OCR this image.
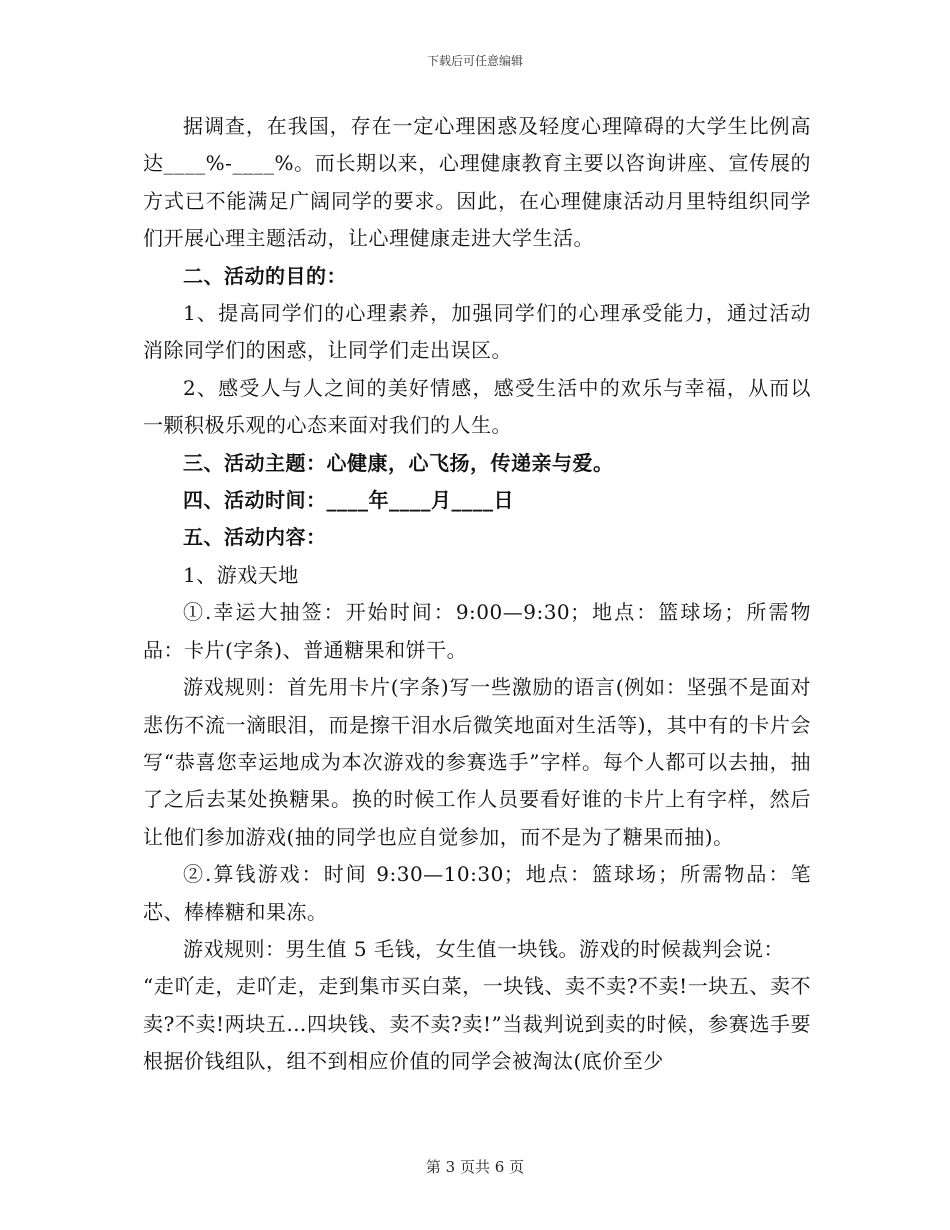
下载后可任意编辑

据调查，在我国，存在一定心理困惑及轻度心理障碍的大学生比例高达____%-____%。而长期以来，心理健康教育主要以咨询讲座、宣传展的方式已不能满足广阔同学的要求。因此，在心理健康活动月里特组织同学们开展心理主题活动，让心理健康走进大学生活。

二、活动的目的：

1、提高同学们的心理素养，加强同学们的心理承受能力，通过活动消除同学们的困惑，让同学们走出误区。

2、感受人与人之间的美好情感，感受生活中的欢乐与幸福，从而以一颗积极乐观的心态来面对我们的人生。

三、活动主题：心健康，心飞扬，传递亲与爱。

四、活动时间：____年____月____日

五、活动内容：

1、游戏天地

①.幸运大抽签：开始时间：9:00—9:30；地点：篮球场；所需物品：卡片(字条)、普通糖果和饼干。

游戏规则：首先用卡片(字条)写一些激励的语言(例如：坚强不是面对悲伤不流一滴眼泪，而是擦干泪水后微笑地面对生活等)，其中有的卡片会写“恭喜您幸运地成为本次游戏的参赛选手”字样。每个人都可以去抽，抽了之后去某处换糖果。换的时候工作人员要看好谁的卡片上有字样，然后让他们参加游戏(抽的同学也应自觉参加，而不是为了糖果而抽)。

②.算钱游戏：时间 9:30—10:30；地点：篮球场；所需物品：笔芯、棒棒糖和果冻。

游戏规则：男生值 5 毛钱，女生值一块钱。游戏的时候裁判会说：

“走吖走，走吖走，走到集市买白菜，一块钱、卖不卖?不卖!一块五、卖不卖?不卖!两块五…四块钱、卖不卖?卖!”当裁判说到卖的时候，参赛选手要根据价钱组队，组不到相应价值的同学会被淘汰(底价至少

第 3 页共 6 页
